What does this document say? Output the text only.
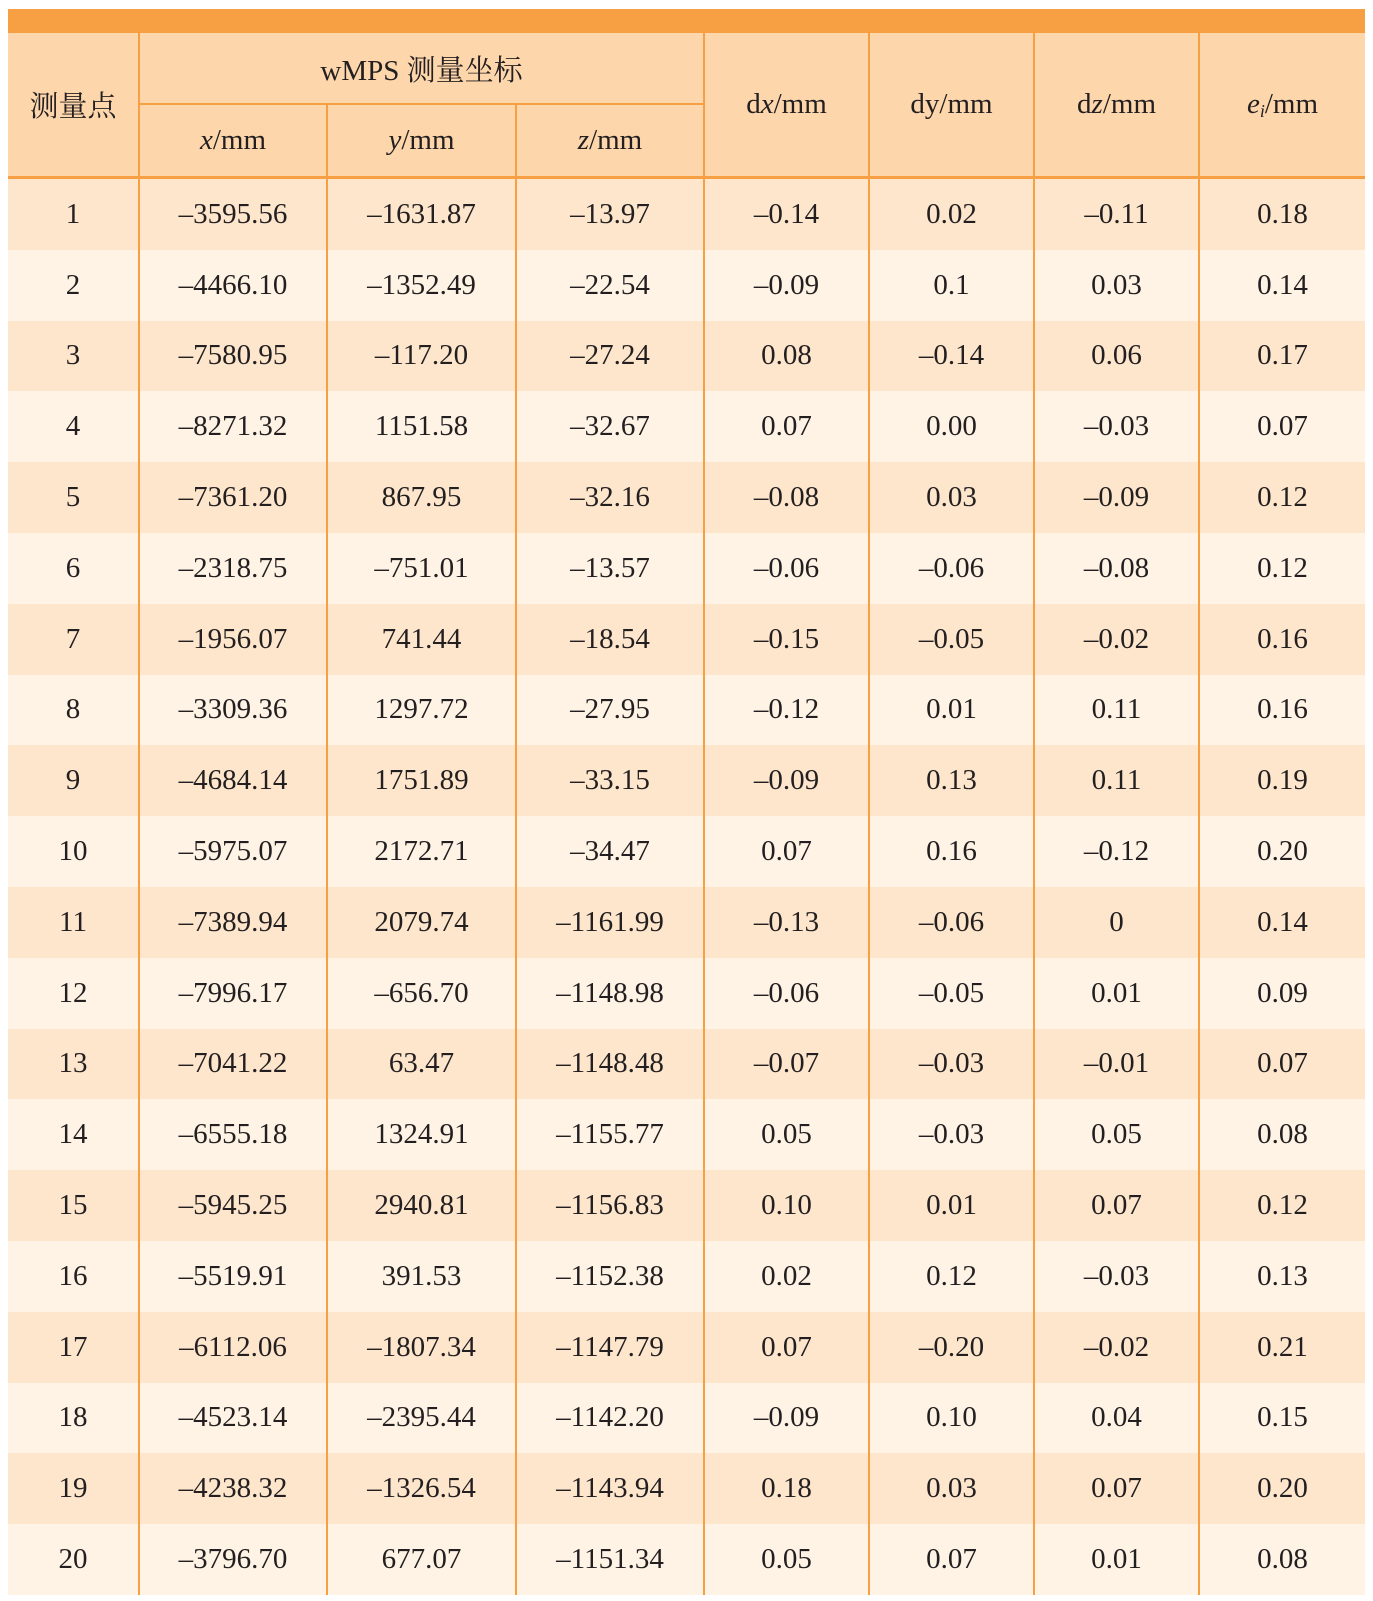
测量点	wMPS 测量坐标			dx/mm	dy/mm	dz/mm	$e_i/mm$
	x/mm	y/mm	z/mm				
1	–3595.56	–1631.87	–13.97	–0.14	0.02	–0.11	0.18
2	–4466.10	–1352.49	–22.54	–0.09	0.1	0.03	0.14
3	–7580.95	–117.20	–27.24	0.08	–0.14	0.06	0.17
4	–8271.32	1151.58	–32.67	0.07	0.00	–0.03	0.07
5	–7361.20	867.95	–32.16	–0.08	0.03	–0.09	0.12
6	–2318.75	–751.01	–13.57	–0.06	–0.06	–0.08	0.12
7	–1956.07	741.44	–18.54	–0.15	–0.05	–0.02	0.16
8	–3309.36	1297.72	–27.95	–0.12	0.01	0.11	0.16
9	–4684.14	1751.89	–33.15	–0.09	0.13	0.11	0.19
10	–5975.07	2172.71	–34.47	0.07	0.16	–0.12	0.20
11	–7389.94	2079.74	–1161.99	–0.13	–0.06	0	0.14
12	–7996.17	–656.70	–1148.98	–0.06	–0.05	0.01	0.09
13	–7041.22	63.47	–1148.48	–0.07	–0.03	–0.01	0.07
14	–6555.18	1324.91	–1155.77	0.05	–0.03	0.05	0.08
15	–5945.25	2940.81	–1156.83	0.10	0.01	0.07	0.12
16	–5519.91	391.53	–1152.38	0.02	0.12	–0.03	0.13
17	–6112.06	–1807.34	–1147.79	0.07	–0.20	–0.02	0.21
18	–4523.14	–2395.44	–1142.20	–0.09	0.10	0.04	0.15
19	–4238.32	–1326.54	–1143.94	0.18	0.03	0.07	0.20
20	–3796.70	677.07	–1151.34	0.05	0.07	0.01	0.08
